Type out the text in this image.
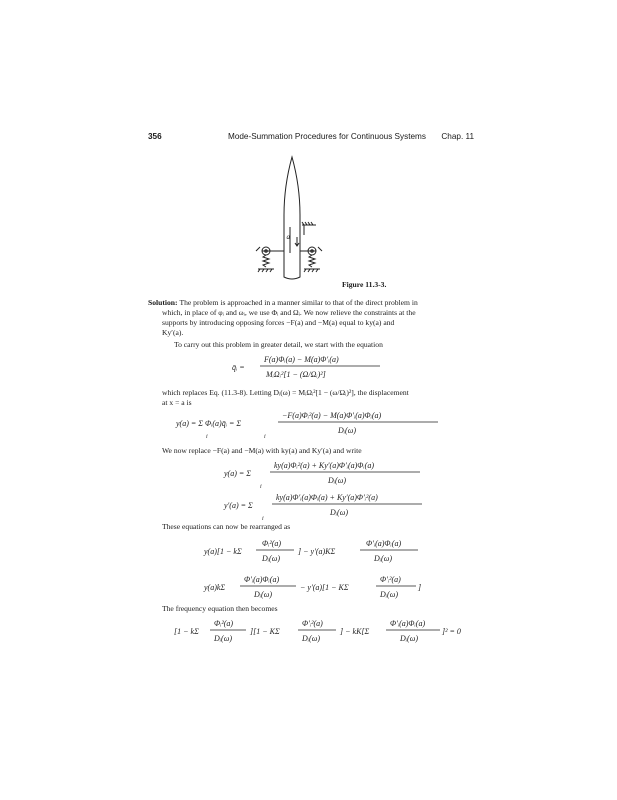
356	Mode-Summation Procedures for Continuous Systems Chap. 11
a
Figure 11.3-3.
Solution: The problem is approached in a manner similar to that of the direct problem in
which, in place of φᵢ and ωᵢ, we use Φᵢ and Ωᵢ. We now relieve the constraints at the
supports by introducing opposing forces −F(a) and −M(a) equal to ky(a) and
Ky′(a).
To carry out this problem in greater detail, we start with the equation
q̄ᵢ =
F(a)Φᵢ(a) − M(a)Φ′ᵢ(a)
MᵢΩᵢ²[1 − (Ω/Ωᵢ)²]
which replaces Eq. (11.3-8). Letting Dᵢ(ω) = MᵢΩᵢ²[1 − (ω/Ωᵢ)²], the displacement
at x = a is
y(a) = Σ Φᵢ(a)q̄ᵢ = Σ
i	i
−F(a)Φᵢ²(a) − M(a)Φ′ᵢ(a)Φᵢ(a)
Dᵢ(ω)
We now replace −F(a) and −M(a) with ky(a) and Ky′(a) and write
y(a) = Σ
i
ky(a)Φᵢ²(a) + Ky′(a)Φ′ᵢ(a)Φᵢ(a)
Dᵢ(ω)
y′(a) = Σ
i
ky(a)Φ′ᵢ(a)Φᵢ(a) + Ky′(a)Φ′ᵢ²(a)
Dᵢ(ω)
These equations can now be rearranged as
y(a)[1 − kΣ
Φᵢ²(a)
Dᵢ(ω)
] − y′(a)KΣ
Φ′ᵢ(a)Φᵢ(a)
Dᵢ(ω)
y(a)kΣ
Φ′ᵢ(a)Φᵢ(a)
Dᵢ(ω)
− y′(a)[1 − KΣ
Φ′ᵢ²(a)
Dᵢ(ω)
]
The frequency equation then becomes
[1 − kΣ
Φᵢ²(a)
Dᵢ(ω)
][1 − KΣ
Φ′ᵢ²(a)
Dᵢ(ω)
] − kK[Σ
Φ′ᵢ(a)Φᵢ(a)
Dᵢ(ω)
]² = 0
